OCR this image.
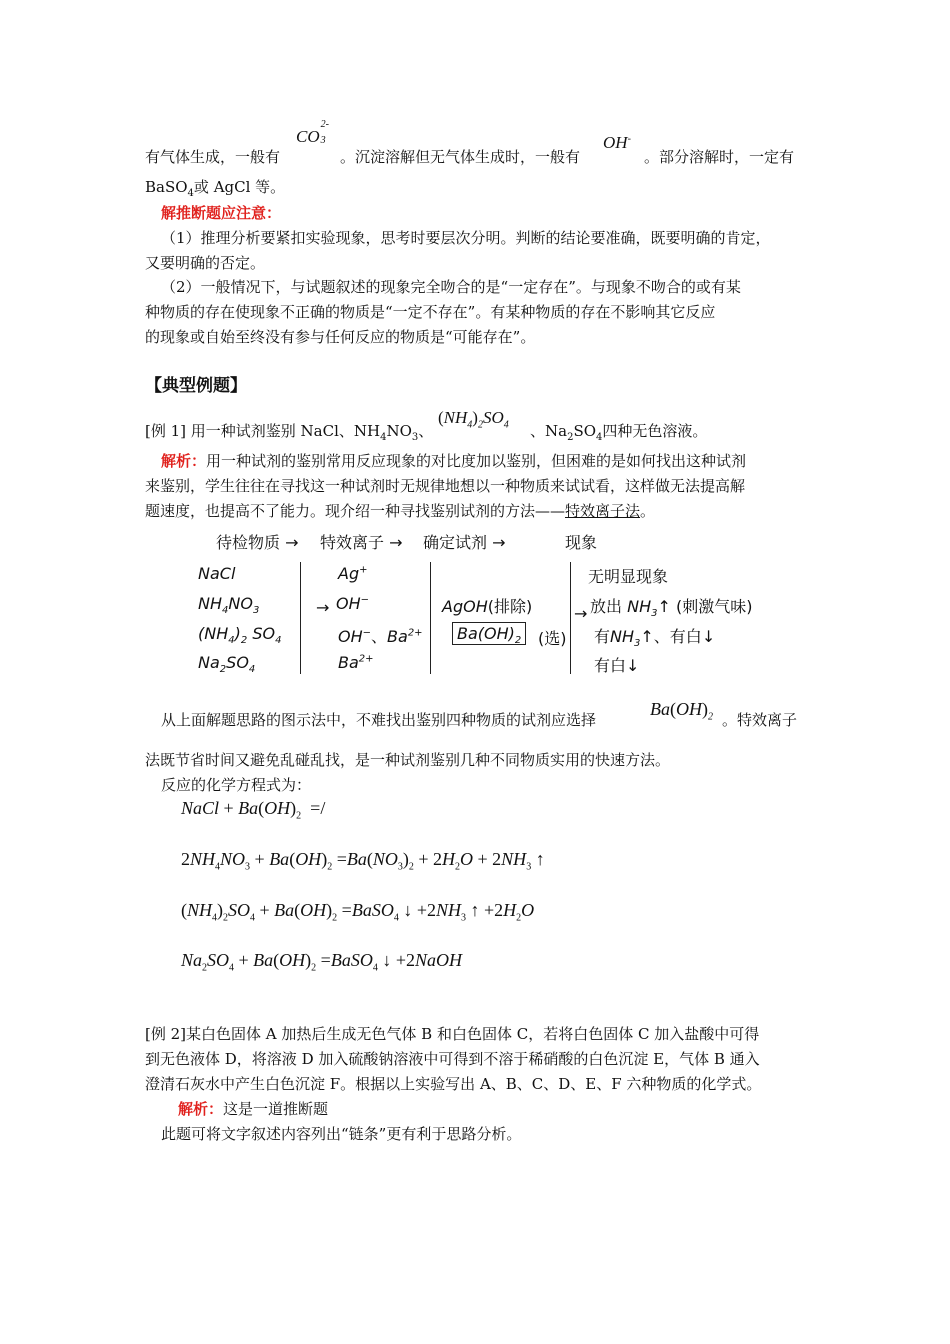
有气体生成，一般有
CO
2-
3
。沉淀溶解但无气体生成时，一般有
OH-
。部分溶解时，一定有
BaSO$_4$或 AgCl 等。
解推断题应注意：
（1）推理分析要紧扣实验现象，思考时要层次分明。判断的结论要准确，既要明确的肯定，
又要明确的否定。
（2）一般情况下，与试题叙述的现象完全吻合的是“一定存在”。与现象不吻合的或有某
种物质的存在使现象不正确的物质是“一定不存在”。有某种物质的存在不影响其它反应
的现象或自始至终没有参与任何反应的物质是“可能存在”。
【典型例题】
[例 1] 用一种试剂鉴别 NaCl、$NH_4NO_3$、
$(NH_4)_2SO_4$ 、$Na_2SO_4$四种无色溶液。
解析：用一种试剂的鉴别常用反应现象的对比度加以鉴别，但困难的是如何找出这种试剂
来鉴别，学生往往在寻找这一种试剂时无规律地想以一种物质来试试看，这样做无法提高解
题速度，也提高不了能力。现介绍一种寻找鉴别试剂的方法——特效离子法。
待检物质 → 特效离子 → 确定试剂 →	现象
NaCl
$NH_4NO_3$
$(NH_4)_2$ $SO_4$
$Na_2SO_4$
Ag+
→ OH−
OH−、$Ba^{2+}$
$Ba^{2+}$
AgOH(排除)
$Ba(OH)_2$	(选)
无明显现象
→ 放出 $NH_3↑$ (刺激气味)
有$NH_3↑$、有白↓
有白↓
从上面解题思路的图示法中，不难找出鉴别四种物质的试剂应选择
$Ba(OH)_2$ 。特效离子
法既节省时间又避免乱碰乱找，是一种试剂鉴别几种不同物质实用的快速方法。
反应的化学方程式为：
NaCl + $Ba(OH)_2$  =/
$2NH_4NO_3 + Ba(OH)_2 =Ba(NO_3)_2 + 2H_2O + 2NH_3$ ↑
$(NH_4)_2SO_4 + Ba(OH)_2$ =BaSO$_4$ ↓ $+2NH_3$ ↑ $+2H_2O$
$Na_2SO_4 + Ba(OH)_2$ =BaSO$_4$ ↓ +2NaOH
[例 2]某白色固体 A 加热后生成无色气体 B 和白色固体 C，若将白色固体 C 加入盐酸中可得
到无色液体 D，将溶液 D 加入硫酸钠溶液中可得到不溶于稀硝酸的白色沉淀 E，气体 B 通入
澄清石灰水中产生白色沉淀 F。根据以上实验写出 A、B、C、D、E、F 六种物质的化学式。
解析：这是一道推断题
此题可将文字叙述内容列出“链条”更有利于思路分析。
